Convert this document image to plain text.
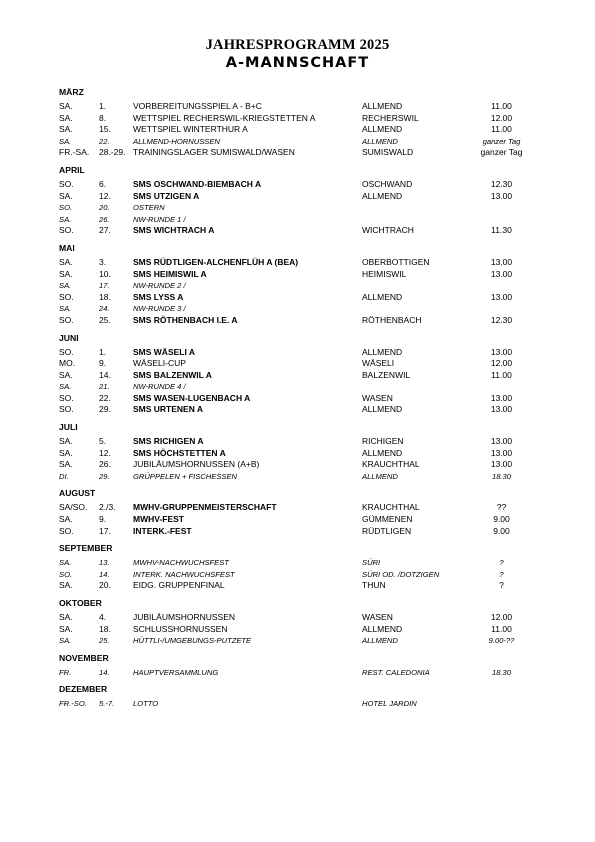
JAHRESPROGRAMM 2025
A-MANNSCHAFT
MÄRZ
SA.	1.	VORBEREITUNGSSPIEL A - B+C	ALLMEND	11.00
SA.	8.	WETTSPIEL RECHERSWIL-KRIEGSTETTEN A	RECHERSWIL	12.00
SA.	15.	WETTSPIEL WINTERTHUR A	ALLMEND	11.00
SA.	22.	ALLMEND-HORNUSSEN	ALLMEND	ganzer Tag
FR.-SA. 28.-29. TRAININGSLAGER SUMISWALD/WASEN	SUMISWALD	ganzer Tag
APRIL
SO.	6.	SMS OSCHWAND-BIEMBACH A	OSCHWAND	12.30
SA.	12.	SMS UTZIGEN A	ALLMEND	13.00
SO.	20.	OSTERN
SA.	26.	NW-RUNDE 1 /
SO.	27.	SMS WICHTRACH A	WICHTRACH	11.30
MAI
SA.	3.	SMS RÜDTLIGEN-ALCHENFLÜH A (BEA)	OBERBOTTIGEN	13.00
SA.	10.	SMS HEIMISWIL A	HEIMISWIL	13.00
SA.	17.	NW-RUNDE 2 /
SO.	18.	SMS LYSS A	ALLMEND	13.00
SA.	24.	NW-RUNDE 3 /
SO.	25.	SMS RÖTHENBACH I.E. A	RÖTHENBACH	12.30
JUNI
SO.	1.	SMS WÄSELI A	ALLMEND	13.00
MO.	9.	WÄSELI-CUP	WÄSELI	12.00
SA.	14.	SMS BALZENWIL A	BALZENWIL	11.00
SA.	21.	NW-RUNDE 4 /
SO.	22.	SMS WASEN-LUGENBACH A	WASEN	13.00
SO.	29.	SMS URTENEN A	ALLMEND	13.00
JULI
SA.	5.	SMS RICHIGEN A	RICHIGEN	13.00
SA.	12.	SMS HÖCHSTETTEN A	ALLMEND	13.00
SA.	26.	JUBILÄUMSHORNUSSEN (A+B)	KRAUCHTHAL	13.00
DI.	29.	GRÜPPELEN + FISCHESSEN	ALLMEND	18.30
AUGUST
SA/SO. 2./3. MWHV-GRUPPENMEISTERSCHAFT	KRAUCHTHAL	??
SA.	9.	MWHV-FEST	GÜMMENEN	9.00
SO.	17.	INTERK.-FEST	RÜDTLIGEN	9.00
SEPTEMBER
SA.	13.	MWHV-NACHWUCHSFEST	SÜRI	?
SO.	14.	INTERK. NACHWUCHSFEST	SÜRI OD. /DOTZIGEN	?
SA.	20.	EIDG. GRUPPENFINAL	THUN	?
OKTOBER
SA.	4.	JUBILÄUMSHORNUSSEN	WASEN	12.00
SA.	18.	SCHLUSSHORNUSSEN	ALLMEND	11.00
SA.	25.	HÜTTLI-/UMGEBUNGS-PUTZETE	ALLMEND	9.00-??
NOVEMBER
FR.	14.	HAUPTVERSAMMLUNG	REST. CALEDONIA	18.30
DEZEMBER
FR.-SO. 5.-7. LOTTO	HOTEL JARDIN
